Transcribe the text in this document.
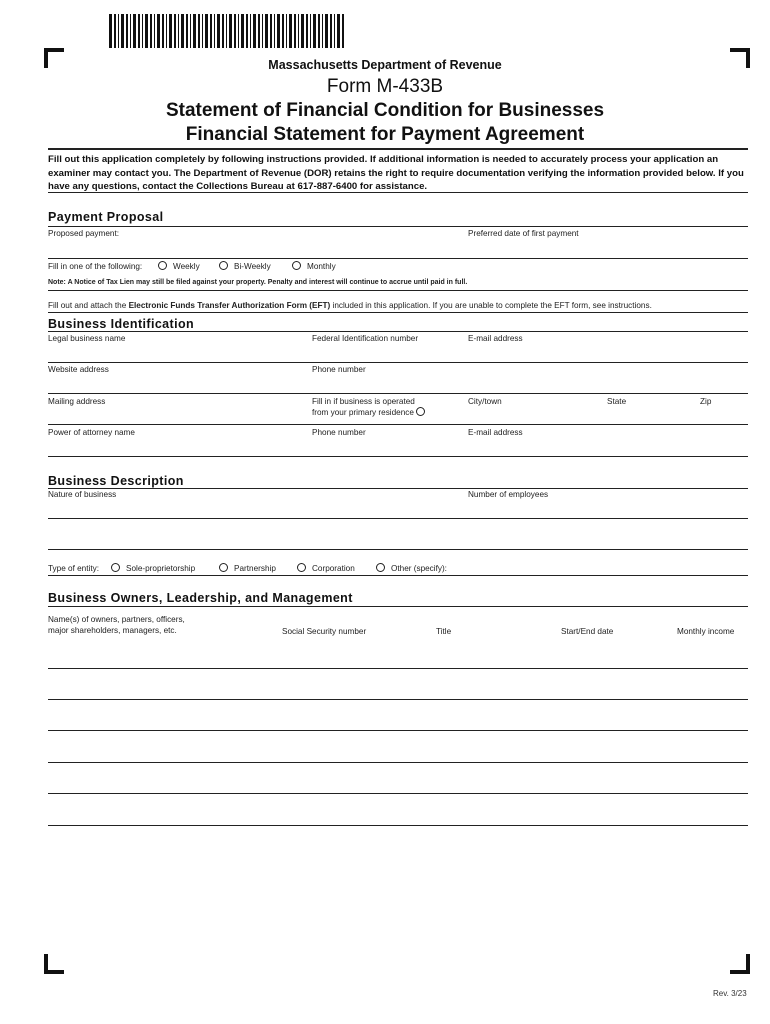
Massachusetts Department of Revenue
Form M-433B
Statement of Financial Condition for Businesses
Financial Statement for Payment Agreement
Fill out this application completely by following instructions provided. If additional information is needed to accurately process your application an examiner may contact you. The Department of Revenue (DOR) retains the right to require documentation verifying the information provided below. If you have any questions, contact the Collections Bureau at 617-887-6400 for assistance.
Payment Proposal
Proposed payment:	Preferred date of first payment
Fill in one of the following:	Weekly	Bi-Weekly	Monthly
Note: A Notice of Tax Lien may still be filed against your property. Penalty and interest will continue to accrue until paid in full.
Fill out and attach the Electronic Funds Transfer Authorization Form (EFT) included in this application. If you are unable to complete the EFT form, see instructions.
Business Identification
Legal business name	Federal Identification number	E-mail address
Website address	Phone number
Mailing address	Fill in if business is operated
from your primary residence
City/town	State	Zip
Power of attorney name	Phone number	E-mail address
Business Description
Nature of business	Number of employees
Type of entity:	Sole-proprietorship	Partnership	Corporation	Other (specify):
Business Owners, Leadership, and Management
Name(s) of owners, partners, officers,
major shareholders, managers, etc.	Social Security number	Title	Start/End date	Monthly income
Rev. 3/23
